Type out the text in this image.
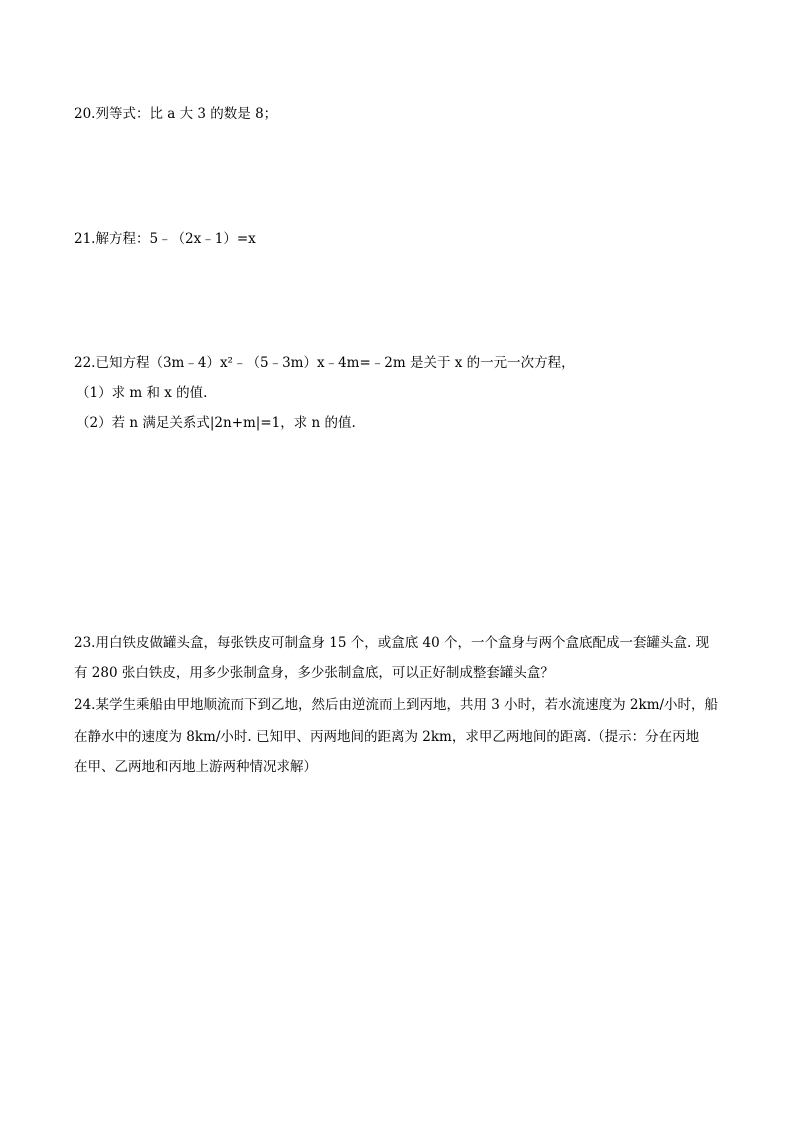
20.列等式：比 a 大 3 的数是 8；
21.解方程：5﹣（2x﹣1）=x
22.已知方程（3m﹣4）x²﹣（5﹣3m）x﹣4m=﹣2m 是关于 x 的一元一次方程，
（1）求 m 和 x 的值.
（2）若 n 满足关系式|2n+m|=1，求 n 的值.
23.用白铁皮做罐头盒，每张铁皮可制盒身 15 个，或盒底 40 个，一个盒身与两个盒底配成一套罐头盒. 现
有 280 张白铁皮，用多少张制盒身，多少张制盒底，可以正好制成整套罐头盒？
24.某学生乘船由甲地顺流而下到乙地，然后由逆流而上到丙地，共用 3 小时，若水流速度为 2km/小时，船
在静水中的速度为 8km/小时. 已知甲、丙两地间的距离为 2km，求甲乙两地间的距离.（提示：分在丙地
在甲、乙两地和丙地上游两种情况求解）
